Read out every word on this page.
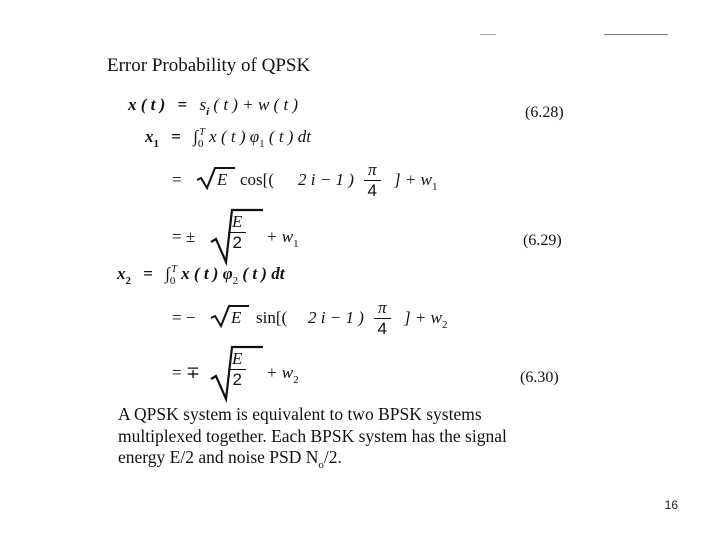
Error Probability of QPSK
x ( t ) = $s_i$ ( t ) + w ( t )	(6.28)
$x_1 = \int_0^T$ x ( t ) $\varphi_1$ ( t ) dt
= E cos[( 2 i − 1 ) $\frac{\pi}{4}$ ] + $w_1$
= ± $\frac{E}{2} + w_1$	(6.29)
$x_2 = \int_0^T$ x ( t ) $\varphi_2$ ( t ) dt
= − E sin[( 2 i − 1 ) $\frac{\pi}{4}$ ] + $w_2$
= ∓ $\frac{E}{2} + w_2$	(6.30)
A QPSK system is equivalent to two BPSK systems
multiplexed together. Each BPSK system has the signal
energy E/2 and noise PSD $N_o/2$.
16
